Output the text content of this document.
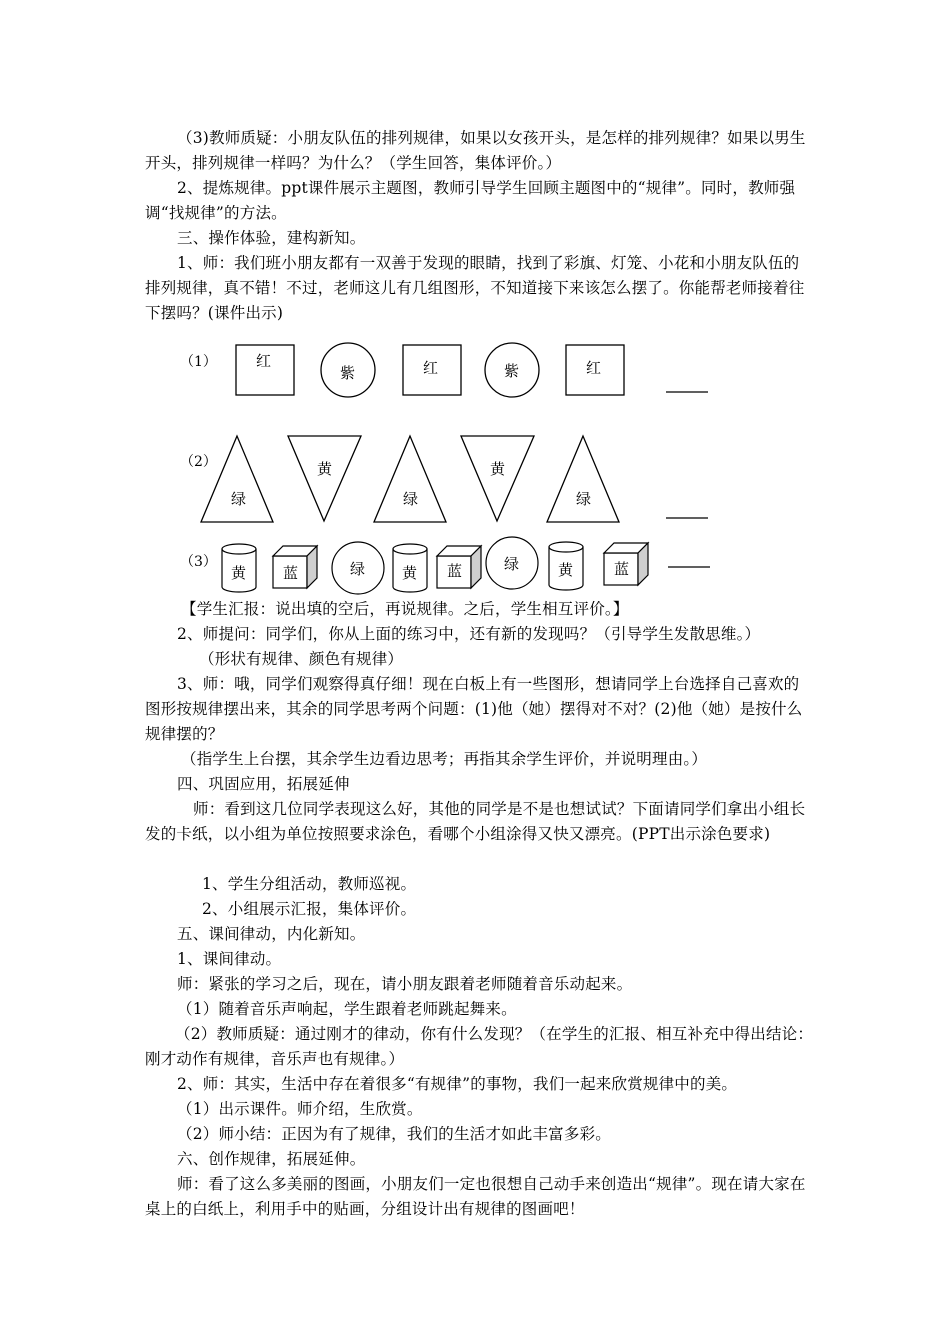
（3)教师质疑：小朋友队伍的排列规律，如果以女孩开头，是怎样的排列规律？如果以男生开头，排列规律一样吗？为什么？（学生回答，集体评价。）
2、提炼规律。ppt课件展示主题图，教师引导学生回顾主题图中的“规律”。同时，教师强调“找规律”的方法。
三、操作体验，建构新知。
1、师：我们班小朋友都有一双善于发现的眼睛，找到了彩旗、灯笼、小花和小朋友队伍的排列规律，真不错！不过，老师这儿有几组图形，不知道接下来该怎么摆了。你能帮老师接着往下摆吗？(课件出示)
（1）	红
紫	红	紫	红
（2）
绿
黄
绿
黄
绿
（3）
黄 蓝	绿 黄 蓝	绿	黄	蓝
【学生汇报：说出填的空后，再说规律。之后，学生相互评价。】
2、师提问：同学们，你从上面的练习中，还有新的发现吗？（引导学生发散思维。）
（形状有规律、颜色有规律）
3、师：哦，同学们观察得真仔细！现在白板上有一些图形，想请同学上台选择自己喜欢的图形按规律摆出来，其余的同学思考两个问题：(1)他（她）摆得对不对？(2)他（她）是按什么规律摆的？
（指学生上台摆，其余学生边看边思考；再指其余学生评价，并说明理由。）
四、巩固应用，拓展延伸
师：看到这几位同学表现这么好，其他的同学是不是也想试试？下面请同学们拿出小组长发的卡纸，以小组为单位按照要求涂色，看哪个小组涂得又快又漂亮。(PPT出示涂色要求)
1、学生分组活动，教师巡视。
2、小组展示汇报，集体评价。
五、课间律动，内化新知。
1、课间律动。
师：紧张的学习之后，现在，请小朋友跟着老师随着音乐动起来。
（1）随着音乐声响起，学生跟着老师跳起舞来。
（2）教师质疑：通过刚才的律动，你有什么发现？（在学生的汇报、相互补充中得出结论：刚才动作有规律，音乐声也有规律。）
2、师：其实，生活中存在着很多“有规律”的事物，我们一起来欣赏规律中的美。
（1）出示课件。师介绍，生欣赏。
（2）师小结：正因为有了规律，我们的生活才如此丰富多彩。
六、创作规律，拓展延伸。
师：看了这么多美丽的图画，小朋友们一定也很想自己动手来创造出“规律”。现在请大家在桌上的白纸上，利用手中的贴画，分组设计出有规律的图画吧！
